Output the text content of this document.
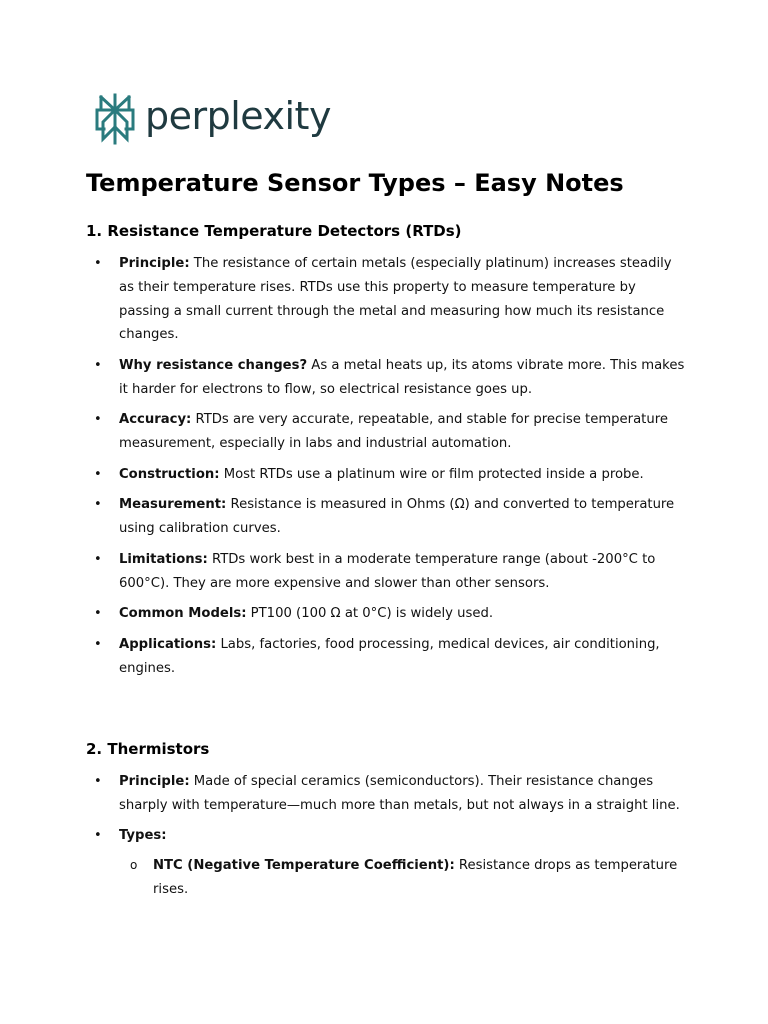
perplexity
Temperature Sensor Types – Easy Notes
1. Resistance Temperature Detectors (RTDs)
• Principle: The resistance of certain metals (especially platinum) increases steadily as their temperature rises. RTDs use this property to measure temperature by passing a small current through the metal and measuring how much its resistance changes.
• Why resistance changes? As a metal heats up, its atoms vibrate more. This makes it harder for electrons to flow, so electrical resistance goes up.
• Accuracy: RTDs are very accurate, repeatable, and stable for precise temperature measurement, especially in labs and industrial automation.
• Construction: Most RTDs use a platinum wire or film protected inside a probe.
• Measurement: Resistance is measured in Ohms (Ω) and converted to temperature using calibration curves.
• Limitations: RTDs work best in a moderate temperature range (about -200°C to 600°C). They are more expensive and slower than other sensors.
• Common Models: PT100 (100 Ω at 0°C) is widely used.
• Applications: Labs, factories, food processing, medical devices, air conditioning, engines.
2. Thermistors
• Principle: Made of special ceramics (semiconductors). Their resistance changes sharply with temperature—much more than metals, but not always in a straight line.
• Types:
o NTC (Negative Temperature Coefficient): Resistance drops as temperature rises.
